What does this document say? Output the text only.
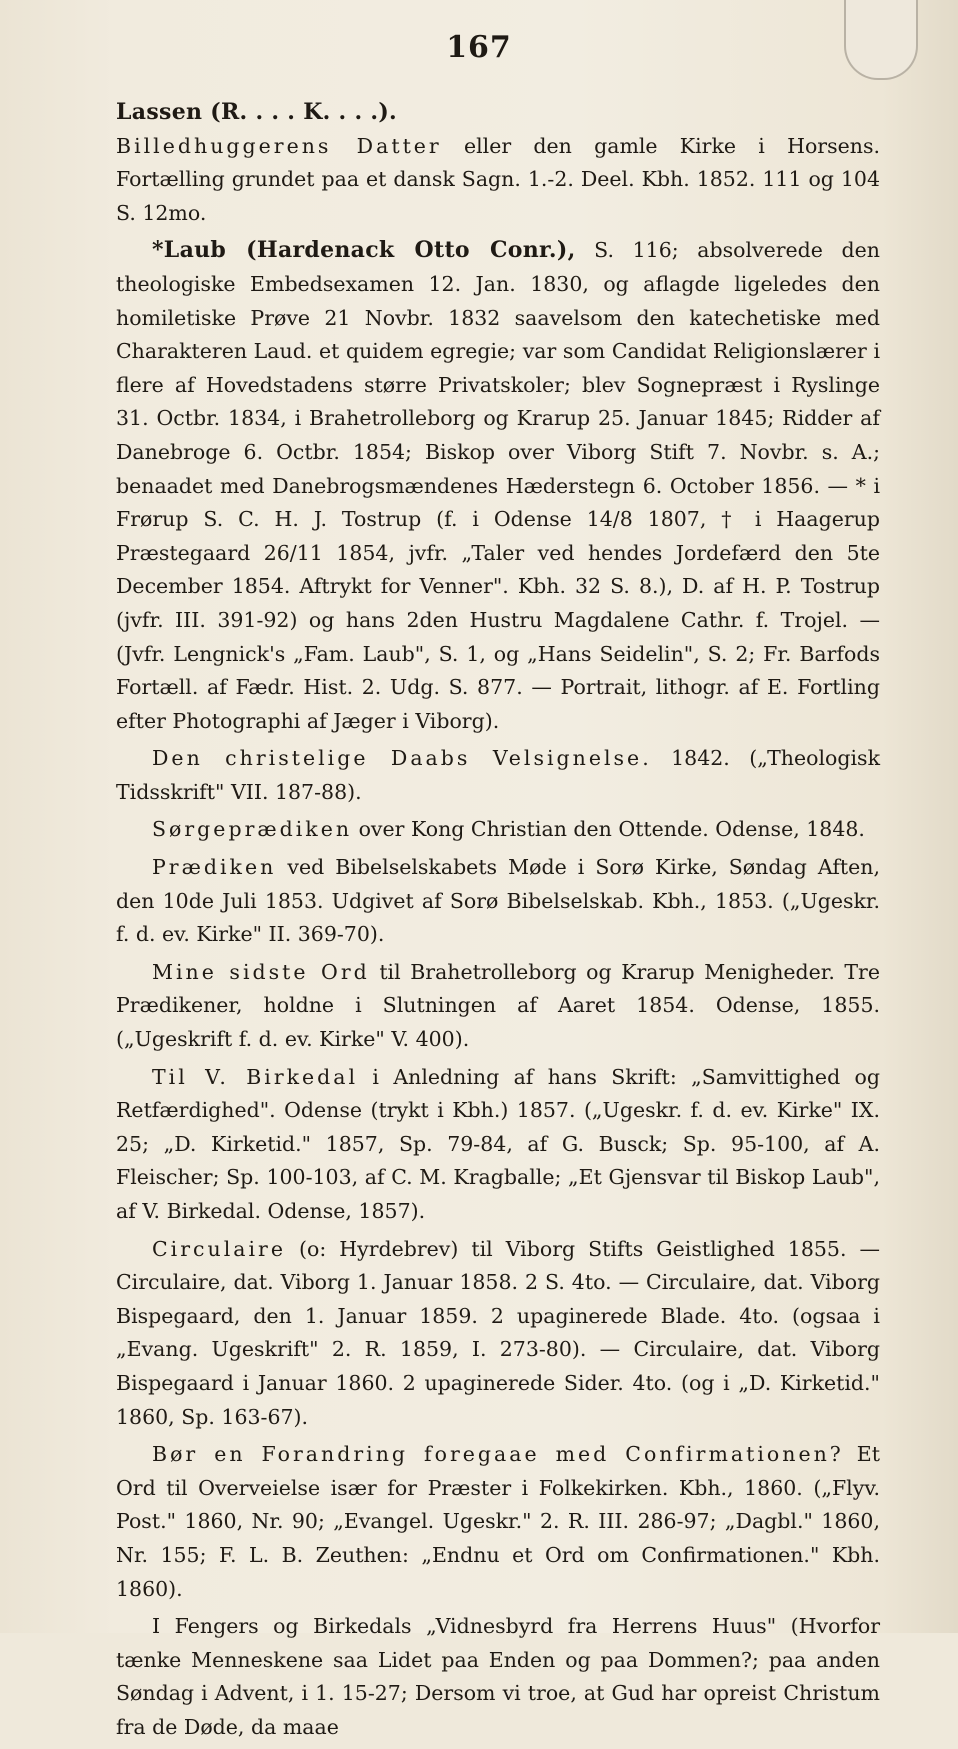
167

Lassen (R. . . . K. . . .).
Billedhuggerens Datter eller den gamle Kirke i Horsens. Fortælling grundet paa et dansk Sagn. 1.-2. Deel. Kbh. 1852. 111 og 104 S. 12mo.

*Laub (Hardenack Otto Conr.), S. 116; absolverede den theologiske Embedsexamen 12. Jan. 1830, og aflagde ligeledes den homiletiske Prøve 21 Novbr. 1832 saavelsom den katechetiske med Charakteren Laud. et quidem egregie; var som Candidat Religionslærer i flere af Hovedstadens større Privatskoler; blev Sognepræst i Ryslinge 31. Octbr. 1834, i Brahetrolleborg og Krarup 25. Januar 1845; Ridder af Danebroge 6. Octbr. 1854; Biskop over Viborg Stift 7. Novbr. s. A.; benaadet med Danebrogsmændenes Hæderstegn 6. October 1856. — * i Frørup S. C. H. J. Tostrup (f. i Odense 14/8 1807, † i Haagerup Præstegaard 26/11 1854, jvfr. „Taler ved hendes Jordefærd den 5te December 1854. Aftrykt for Venner". Kbh. 32 S. 8.), D. af H. P. Tostrup (jvfr. III. 391-92) og hans 2den Hustru Magdalene Cathr. f. Trojel. — (Jvfr. Lengnick's „Fam. Laub", S. 1, og „Hans Seidelin", S. 2; Fr. Barfods Fortæll. af Fædr. Hist. 2. Udg. S. 877. — Portrait, lithogr. af E. Fortling efter Photographi af Jæger i Viborg).

Den christelige Daabs Velsignelse. 1842. („Theologisk Tidsskrift" VII. 187-88).

Sørgeprædiken over Kong Christian den Ottende. Odense, 1848.

Prædiken ved Bibelselskabets Møde i Sorø Kirke, Søndag Aften, den 10de Juli 1853. Udgivet af Sorø Bibelselskab. Kbh., 1853. („Ugeskr. f. d. ev. Kirke" II. 369-70).

Mine sidste Ord til Brahetrolleborg og Krarup Menigheder. Tre Prædikener, holdne i Slutningen af Aaret 1854. Odense, 1855. („Ugeskrift f. d. ev. Kirke" V. 400).

Til V. Birkedal i Anledning af hans Skrift: „Samvittighed og Retfærdighed". Odense (trykt i Kbh.) 1857. („Ugeskr. f. d. ev. Kirke" IX. 25; „D. Kirketid." 1857, Sp. 79-84, af G. Busck; Sp. 95-100, af A. Fleischer; Sp. 100-103, af C. M. Kragballe; „Et Gjensvar til Biskop Laub", af V. Birkedal. Odense, 1857).

Circulaire (o: Hyrdebrev) til Viborg Stifts Geistlighed 1855. — Circulaire, dat. Viborg 1. Januar 1858. 2 S. 4to. — Circulaire, dat. Viborg Bispegaard, den 1. Januar 1859. 2 upaginerede Blade. 4to. (ogsaa i „Evang. Ugeskrift" 2. R. 1859, I. 273-80). — Circulaire, dat. Viborg Bispegaard i Januar 1860. 2 upaginerede Sider. 4to. (og i „D. Kirketid." 1860, Sp. 163-67).

Bør en Forandring foregaae med Confirmationen? Et Ord til Overveielse især for Præster i Folkekirken. Kbh., 1860. („Flyv. Post." 1860, Nr. 90; „Evangel. Ugeskr." 2. R. III. 286-97; „Dagbl." 1860, Nr. 155; F. L. B. Zeuthen: „Endnu et Ord om Confirmationen." Kbh. 1860).

I Fengers og Birkedals „Vidnesbyrd fra Herrens Huus" (Hvorfor tænke Menneskene saa Lidet paa Enden og paa Dommen?; paa anden Søndag i Advent, i 1. 15-27; Dersom vi troe, at Gud har opreist Christum fra de Døde, da maae
